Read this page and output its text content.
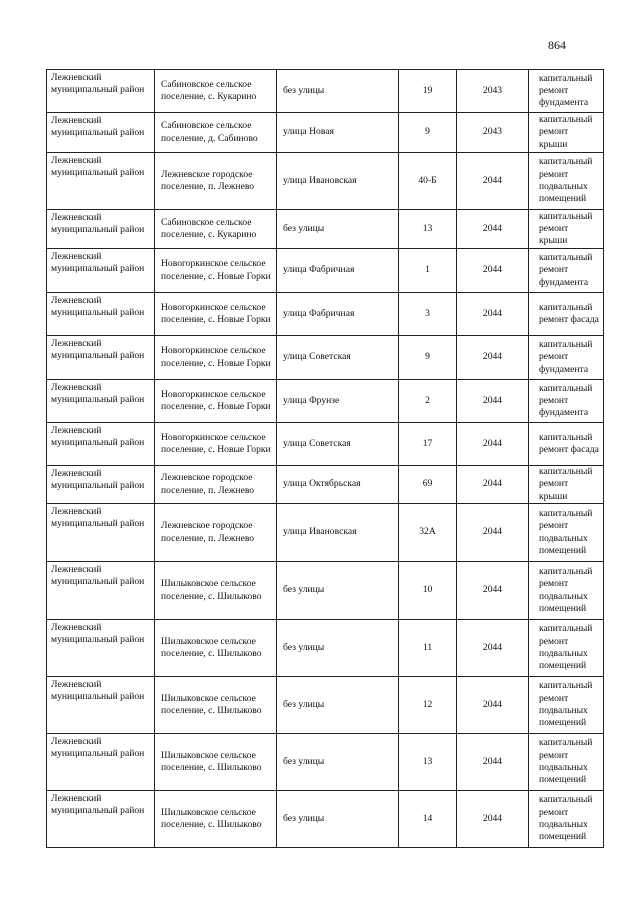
864
Лежневский муниципальный район	Сабиновское сельское поселение, с. Кукарино	без улицы	19	2043	капитальный ремонт фундамента
Лежневский муниципальный район	Сабиновское сельское поселение, д. Сабиново	улица Новая	9	2043	капитальный ремонт крыши
Лежневский муниципальный район	Лежневское городское поселение, п. Лежнево	улица Ивановская	40-Б	2044	капитальный ремонт подвальных помещений
Лежневский муниципальный район	Сабиновское сельское поселение, с. Кукарино	без улицы	13	2044	капитальный ремонт крыши
Лежневский муниципальный район	Новогоркинское сельское поселение, с. Новые Горки	улица Фабричная	1	2044	капитальный ремонт фундамента
Лежневский муниципальный район	Новогоркинское сельское поселение, с. Новые Горки	улица Фабричная	3	2044	капитальный ремонт фасада
Лежневский муниципальный район	Новогоркинское сельское поселение, с. Новые Горки	улица Советская	9	2044	капитальный ремонт фундамента
Лежневский муниципальный район	Новогоркинское сельское поселение, с. Новые Горки	улица Фрунзе	2	2044	капитальный ремонт фундамента
Лежневский муниципальный район	Новогоркинское сельское поселение, с. Новые Горки	улица Советская	17	2044	капитальный ремонт фасада
Лежневский муниципальный район	Лежневское городское поселение, п. Лежнево	улица Октябрьская	69	2044	капитальный ремонт крыши
Лежневский муниципальный район	Лежневское городское поселение, п. Лежнево	улица Ивановская	32А	2044	капитальный ремонт подвальных помещений
Лежневский муниципальный район	Шилыковское сельское поселение, с. Шилыково	без улицы	10	2044	капитальный ремонт подвальных помещений
Лежневский муниципальный район	Шилыковское сельское поселение, с. Шилыково	без улицы	11	2044	капитальный ремонт подвальных помещений
Лежневский муниципальный район	Шилыковское сельское поселение, с. Шилыково	без улицы	12	2044	капитальный ремонт подвальных помещений
Лежневский муниципальный район	Шилыковское сельское поселение, с. Шилыково	без улицы	13	2044	капитальный ремонт подвальных помещений
Лежневский муниципальный район	Шилыковское сельское поселение, с. Шилыково	без улицы	14	2044	капитальный ремонт подвальных помещений
